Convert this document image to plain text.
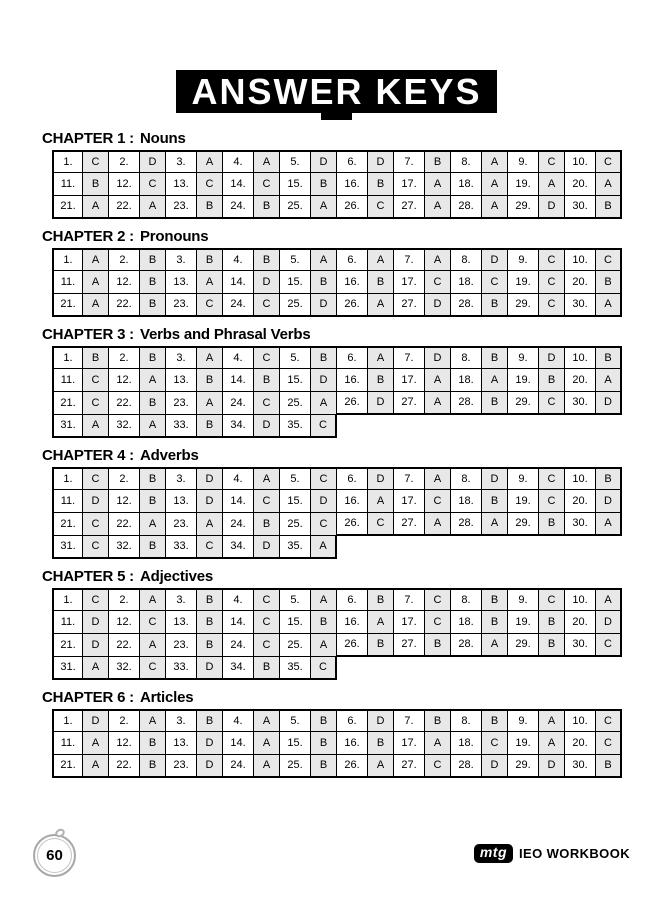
ANSWER KEYS
CHAPTER 1 : Nouns
1.	C	2.	D	3.	A	4.	A	5.	D	6.	D	7.	B	8.	A	9.	C	10.	C
11.	B	12.	C	13.	C	14.	C	15.	B	16.	B	17.	A	18.	A	19.	A	20.	A
21.	A	22.	A	23.	B	24.	B	25.	A	26.	C	27.	A	28.	A	29.	D	30.	B
CHAPTER 2 : Pronouns
1.	A	2.	B	3.	B	4.	B	5.	A	6.	A	7.	A	8.	D	9.	C	10.	C
11.	A	12.	B	13.	A	14.	D	15.	B	16.	B	17.	C	18.	C	19.	C	20.	B
21.	A	22.	B	23.	C	24.	C	25.	D	26.	A	27.	D	28.	B	29.	C	30.	A
CHAPTER 3 : Verbs and Phrasal Verbs
1.	B	2.	B	3.	A	4.	C	5.	B	6.	A	7.	D	8.	B	9.	D	10.	B
11.	C	12.	A	13.	B	14.	B	15.	D	16.	B	17.	A	18.	A	19.	B	20.	A
21.	C	22.	B	23.	A	24.	C	25.	A	26.	D	27.	A	28.	B	29.	C	30.	D
31.	A	32.	A	33.	B	34.	D	35.	C
CHAPTER 4 : Adverbs
1.	C	2.	B	3.	D	4.	A	5.	C	6.	D	7.	A	8.	D	9.	C	10.	B
11.	D	12.	B	13.	D	14.	C	15.	D	16.	A	17.	C	18.	B	19.	C	20.	D
21.	C	22.	A	23.	A	24.	B	25.	C	26.	C	27.	A	28.	A	29.	B	30.	A
31.	C	32.	B	33.	C	34.	D	35.	A
CHAPTER 5 : Adjectives
1.	C	2.	A	3.	B	4.	C	5.	A	6.	B	7.	C	8.	B	9.	C	10.	A
11.	D	12.	C	13.	B	14.	C	15.	B	16.	A	17.	C	18.	B	19.	B	20.	D
21.	D	22.	A	23.	B	24.	C	25.	A	26.	B	27.	B	28.	A	29.	B	30.	C
31.	A	32.	C	33.	D	34.	B	35.	C
CHAPTER 6 : Articles
1.	D	2.	A	3.	B	4.	A	5.	B	6.	D	7.	B	8.	B	9.	A	10.	C
11.	A	12.	B	13.	D	14.	A	15.	B	16.	B	17.	A	18.	C	19.	A	20.	C
21.	A	22.	B	23.	D	24.	A	25.	B	26.	A	27.	C	28.	D	29.	D	30.	B
60	mtg IEO WORKBOOK
